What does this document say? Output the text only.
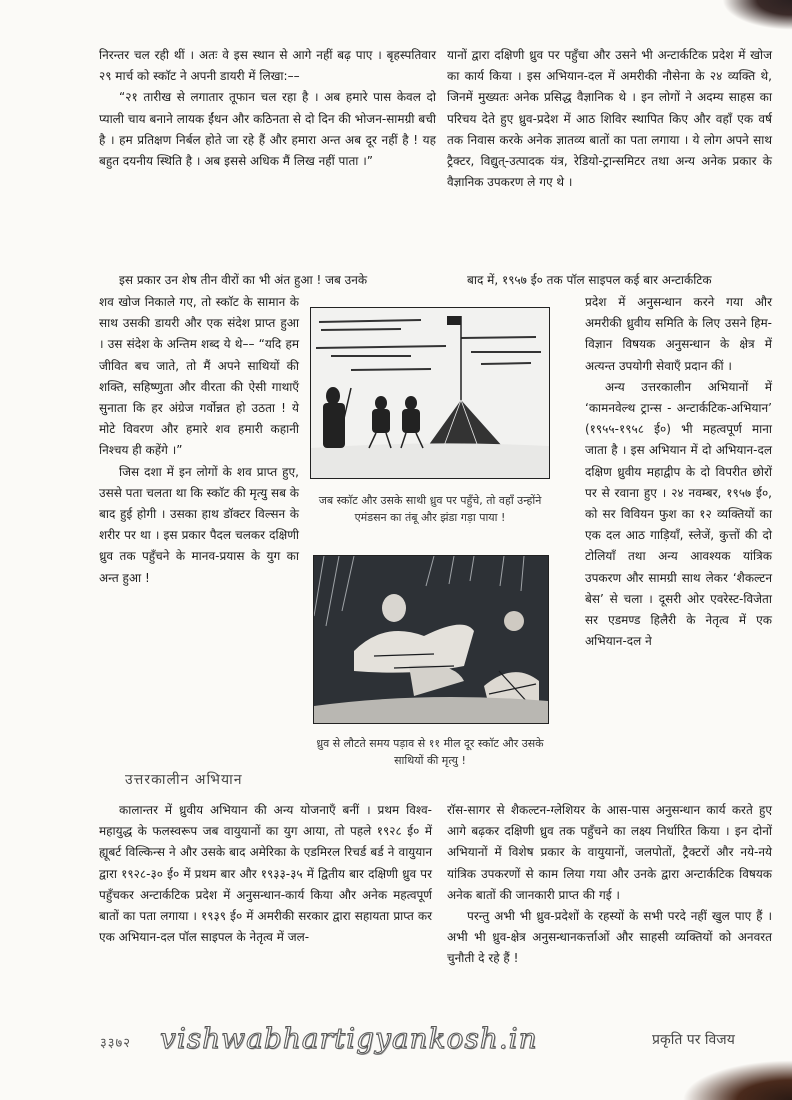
निरन्तर चल रही थीं । अतः वे इस स्थान से आगे नहीं बढ़ पाए । बृहस्पतिवार २९ मार्च को स्काॅट ने अपनी डायरी में लिखा:––

“२१ तारीख से लगातार तूफान चल रहा है । अब हमारे पास केवल दो प्याली चाय बनाने लायक ईंधन और कठिनता से दो दिन की भोजन-सामग्री बची है । हम प्रतिक्षण निर्बल होते जा रहे हैं और हमारा अन्त अब दूर नहीं है ! यह बहुत दयनीय स्थिति है । अब इससे अधिक मैं लिख नहीं पाता ।”

यानों द्वारा दक्षिणी ध्रुव पर पहुँचा और उसने भी अन्टार्कटिक प्रदेश में खोज का कार्य किया । इस अभियान-दल में अमरीकी नौसेना के २४ व्यक्ति थे, जिनमें मुख्यतः अनेक प्रसिद्ध वैज्ञानिक थे । इन लोगों ने अदम्य साहस का परिचय देते हुए ध्रुव-प्रदेश में आठ शिविर स्थापित किए और वहाँ एक वर्ष तक निवास करके अनेक ज्ञातव्य बातों का पता लगाया । ये लोग अपने साथ ट्रैक्टर, विद्युत्-उत्पादक यंत्र, रेडियो-ट्रान्समिटर तथा अन्य अनेक प्रकार के वैज्ञानिक उपकरण ले गए थे ।

इस प्रकार उन शेष तीन वीरों का भी अंत हुआ ! जब उनके	बाद में, १९५७ ई० तक पॉल साइपल कई बार अन्टार्कटिक

शव खोज निकाले गए, तो स्काॅट के सामान के साथ उसकी डायरी और एक संदेश प्राप्त हुआ । उस संदेश के अन्तिम शब्द ये थे–– “यदि हम जीवित बच जाते, तो मैं अपने साथियों की शक्ति, सहिष्णुता और वीरता की ऐसी गाथाएँ सुनाता कि हर अंग्रेज गर्वोन्नत हो उठता ! ये मोटे विवरण और हमारे शव हमारी कहानी निश्चय ही कहेंगे ।”

जिस दशा में इन लोगों के शव प्राप्त हुए, उससे पता चलता था कि स्काॅट की मृत्यु सब के बाद हुई होगी । उसका हाथ डॉक्टर विल्सन के शरीर पर था । इस प्रकार पैदल चलकर दक्षिणी ध्रुव तक पहुँचने के मानव-प्रयास के युग का अन्त हुआ !

प्रदेश में अनुसन्धान करने गया और अमरीकी ध्रुवीय समिति के लिए उसने हिम-विज्ञान विषयक अनुसन्धान के क्षेत्र में अत्यन्त उपयोगी सेवाएँ प्रदान कीं ।

अन्य उत्तरकालीन अभियानों में ‘कामनवेल्थ ट्रान्स - अन्टार्कटिक-अभियान’ (१९५५-१९५८ ई०) भी महत्वपूर्ण माना जाता है । इस अभियान में दो अभियान-दल दक्षिण ध्रुवीय महाद्वीप के दो विपरीत छोरों पर से रवाना हुए । २४ नवम्बर, १९५७ ई०, को सर विवियन फुश का १२ व्यक्तियों का एक दल आठ गाड़ियाँ, स्लेजें, कुत्तों की दो टोलियाँ तथा अन्य आवश्यक यांत्रिक उपकरण और सामग्री साथ लेकर ‘शैकल्टन बेस’ से चला । दूसरी ओर एवरेस्ट-विजेता सर एडमण्ड हिलैरी के नेतृत्व में एक अभियान-दल ने

जब स्काॅट और उसके साथी ध्रुव पर पहुँचे, तो वहाँ उन्होंने एमंडसन का तंबू और झंडा गड़ा पाया !
ध्रुव से लौटते समय पड़ाव से ११ मील दूर स्काॅट और उसके साथियों की मृत्यु !
उत्तरकालीन अभियान

कालान्तर में ध्रुवीय अभियान की अन्य योजनाएँ बनीं । प्रथम विश्व-महायुद्ध के फलस्वरूप जब वायुयानों का युग आया, तो पहले १९२८ ई० में ह्यूबर्ट विल्किन्स ने और उसके बाद अमेरिका के एडमिरल रिचर्ड बर्ड ने वायुयान द्वारा १९२८-३० ई० में प्रथम बार और १९३३-३५ में द्वितीय बार दक्षिणी ध्रुव पर पहुँचकर अन्टार्कटिक प्रदेश में अनुसन्धान-कार्य किया और अनेक महत्वपूर्ण बातों का पता लगाया । १९३९ ई० में अमरीकी सरकार द्वारा सहायता प्राप्त कर एक अभियान-दल पॉल साइपल के नेतृत्व में जल-

राॅस-सागर से शैकल्टन-ग्लेशियर के आस-पास अनुसन्धान कार्य करते हुए आगे बढ़कर दक्षिणी ध्रुव तक पहुँचने का लक्ष्य निर्धारित किया । इन दोनों अभियानों में विशेष प्रकार के वायुयानों, जलपोतों, ट्रैक्टरों और नये-नये यांत्रिक उपकरणों से काम लिया गया और उनके द्वारा अन्टार्कटिक विषयक अनेक बातों की जानकारी प्राप्त की गई ।

परन्तु अभी भी ध्रुव-प्रदेशों के रहस्यों के सभी परदे नहीं खुल पाए हैं । अभी भी ध्रुव-क्षेत्र अनुसन्धानकर्त्ताओं और साहसी व्यक्तियों को अनवरत चुनौती दे रहे हैं !

३३७२ vishwabhartigyankosh.in	प्रकृति पर विजय
